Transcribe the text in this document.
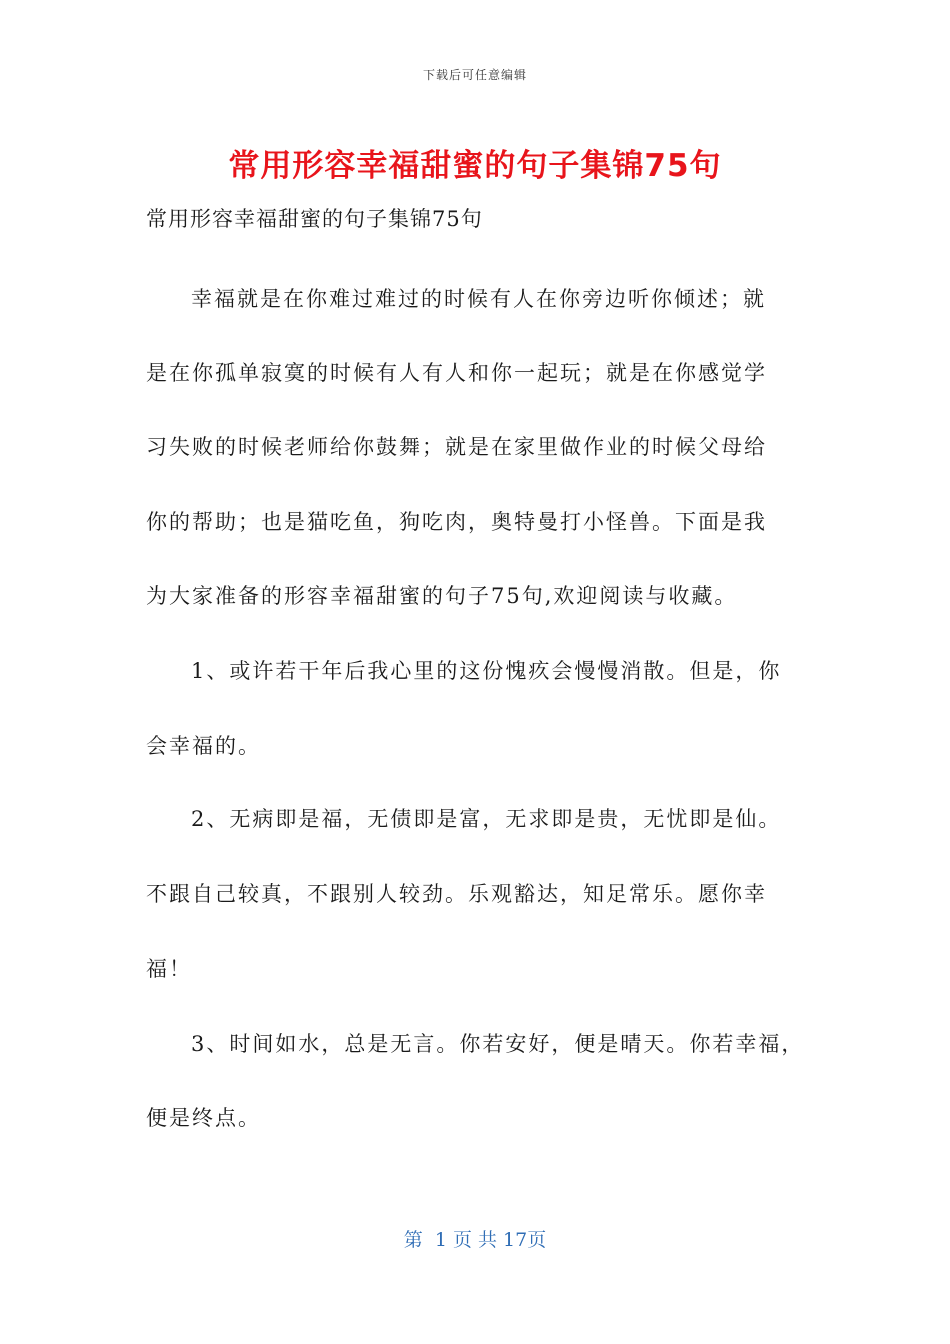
下载后可任意编辑
常用形容幸福甜蜜的句子集锦75句
常用形容幸福甜蜜的句子集锦75句
幸福就是在你难过难过的时候有人在你旁边听你倾述；就
是在你孤单寂寞的时候有人有人和你一起玩；就是在你感觉学
习失败的时候老师给你鼓舞；就是在家里做作业的时候父母给
你的帮助；也是猫吃鱼，狗吃肉，奥特曼打小怪兽。下面是我
为大家准备的形容幸福甜蜜的句子75句,欢迎阅读与收藏。
1、或许若干年后我心里的这份愧疚会慢慢消散。但是，你
会幸福的。
2、无病即是福，无债即是富，无求即是贵，无忧即是仙。
不跟自己较真，不跟别人较劲。乐观豁达，知足常乐。愿你幸
福！
3、时间如水，总是无言。你若安好，便是晴天。你若幸福，
便是终点。
第  1 页 共 17页
